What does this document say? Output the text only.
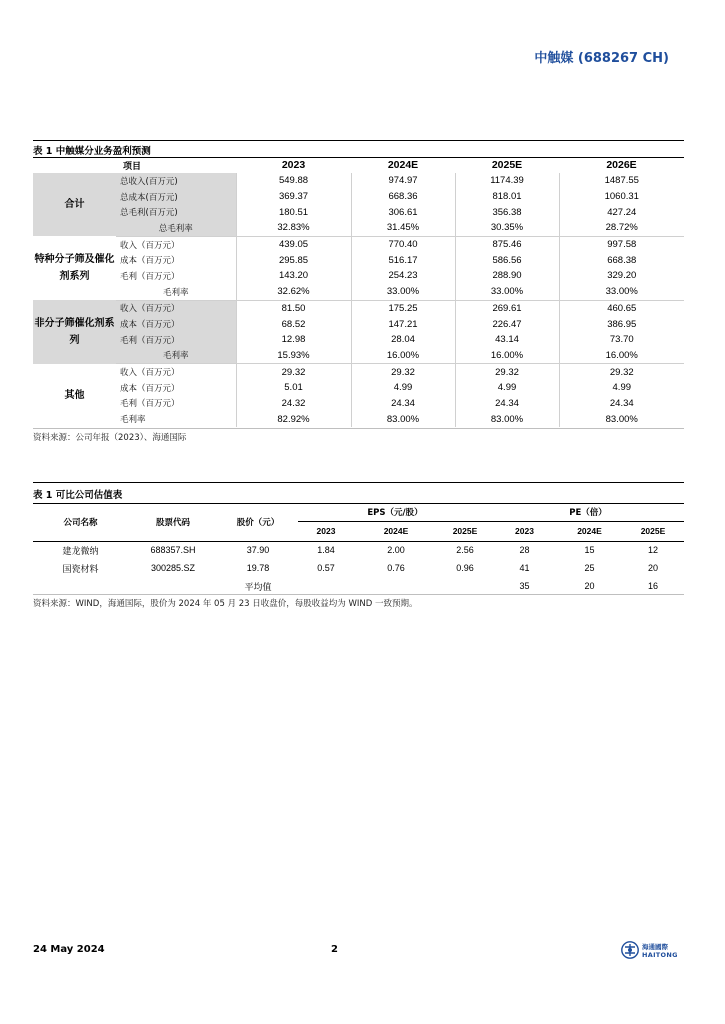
中触媒 (688267 CH)
表 1 中触媒分业务盈利预测
项目		2023	2024E	2025E	2026E
合计	总收入(百万元)	549.88	974.97	1174.39	1487.55
	总成本(百万元)	369.37	668.36	818.01	1060.31
	总毛利(百万元)	180.51	306.61	356.38	427.24
	总毛利率	32.83%	31.45%	30.35%	28.72%
特种分子筛及催化剂系列	收入（百万元）	439.05	770.40	875.46	997.58
	成本（百万元）	295.85	516.17	586.56	668.38
	毛利（百万元）	143.20	254.23	288.90	329.20
	毛利率	32.62%	33.00%	33.00%	33.00%
非分子筛催化剂系列	收入（百万元）	81.50	175.25	269.61	460.65
	成本（百万元）	68.52	147.21	226.47	386.95
	毛利（百万元）	12.98	28.04	43.14	73.70
	毛利率	15.93%	16.00%	16.00%	16.00%
其他	收入（百万元）	29.32	29.32	29.32	29.32
	成本（百万元）	5.01	4.99	4.99	4.99
	毛利（百万元）	24.32	24.34	24.34	24.34
	毛利率	82.92%	83.00%	83.00%	83.00%
资料来源：公司年报（2023）、海通国际
表 1 可比公司估值表
公司名称	股票代码	股价（元）	EPS（元/股）			PE（倍）		
			2023	2024E	2025E	2023	2024E	2025E
建龙微纳	688357.SH	37.90	1.84	2.00	2.56	28	15	12
国瓷材料	300285.SZ	19.78	0.57	0.76	0.96	41	25	20
		平均值				35	20	16
资料来源：WIND，海通国际，股价为 2024 年 05 月 23 日收盘价，每股收益均为 WIND 一致预期。
24 May 2024	2	海通國際
HAITONG
